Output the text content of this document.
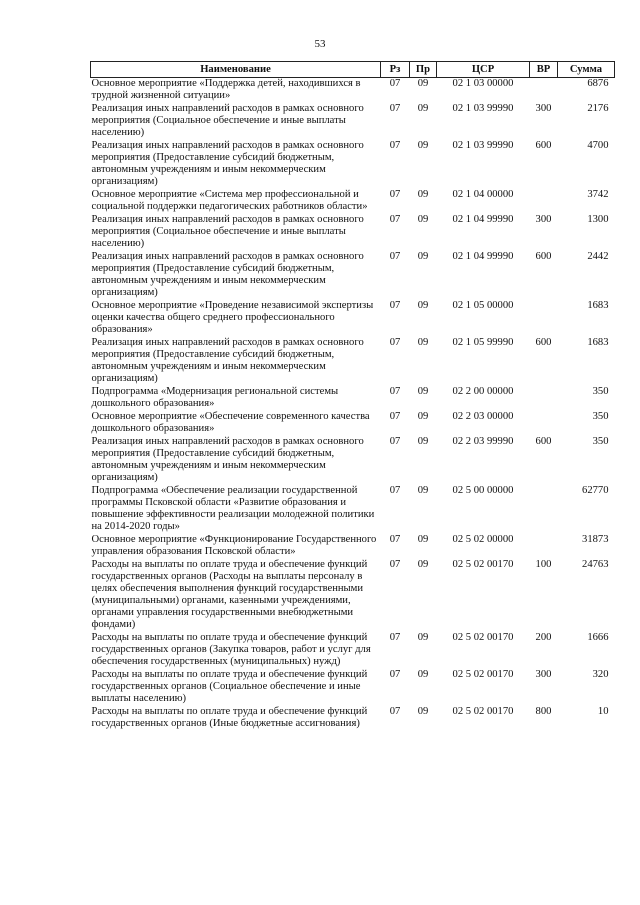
53
Наименование	Рз	Пр	ЦСР	ВР	Сумма
Основное мероприятие «Поддержка детей, находившихся в трудной жизненной ситуации»	07	09	02 1 03 00000		6876
Реализация иных направлений расходов в рамках основного мероприятия (Социальное обеспечение и иные выплаты населению)	07	09	02 1 03 99990	300	2176
Реализация иных направлений расходов в рамках основного мероприятия (Предоставление субсидий бюджетным, автономным учреждениям и иным некоммерческим организациям)	07	09	02 1 03 99990	600	4700
Основное мероприятие «Система мер профессиональной и социальной поддержки педагогических работников области»	07	09	02 1 04 00000		3742
Реализация иных направлений расходов в рамках основного мероприятия (Социальное обеспечение и иные выплаты населению)	07	09	02 1 04 99990	300	1300
Реализация иных направлений расходов в рамках основного мероприятия (Предоставление субсидий бюджетным, автономным учреждениям и иным некоммерческим организациям)	07	09	02 1 04 99990	600	2442
Основное мероприятие «Проведение независимой экспертизы оценки качества общего среднего профессионального образования»	07	09	02 1 05 00000		1683
Реализация иных направлений расходов в рамках основного мероприятия (Предоставление субсидий бюджетным, автономным учреждениям и иным некоммерческим организациям)	07	09	02 1 05 99990	600	1683
Подпрограмма «Модернизация региональной системы дошкольного образования»	07	09	02 2 00 00000		350
Основное мероприятие «Обеспечение современного качества дошкольного образования»	07	09	02 2 03 00000		350
Реализация иных направлений расходов в рамках основного мероприятия (Предоставление субсидий бюджетным, автономным учреждениям и иным некоммерческим организациям)	07	09	02 2 03 99990	600	350
Подпрограмма «Обеспечение реализации государственной программы Псковской области «Развитие образования и повышение эффективности реализации молодежной политики на 2014-2020 годы»	07	09	02 5 00 00000		62770
Основное мероприятие «Функционирование Государственного управления образования Псковской области»	07	09	02 5 02 00000		31873
Расходы на выплаты по оплате труда и обеспечение функций государственных органов (Расходы на выплаты персоналу в целях обеспечения выполнения функций государственными (муниципальными) органами, казенными учреждениями, органами управления государственными внебюджетными фондами)	07	09	02 5 02 00170	100	24763
Расходы на выплаты по оплате труда и обеспечение функций государственных органов (Закупка товаров, работ и услуг для обеспечения государственных (муниципальных) нужд)	07	09	02 5 02 00170	200	1666
Расходы на выплаты по оплате труда и обеспечение функций государственных органов (Социальное обеспечение и иные выплаты населению)	07	09	02 5 02 00170	300	320
Расходы на выплаты по оплате труда и обеспечение функций государственных органов (Иные бюджетные ассигнования)	07	09	02 5 02 00170	800	10
